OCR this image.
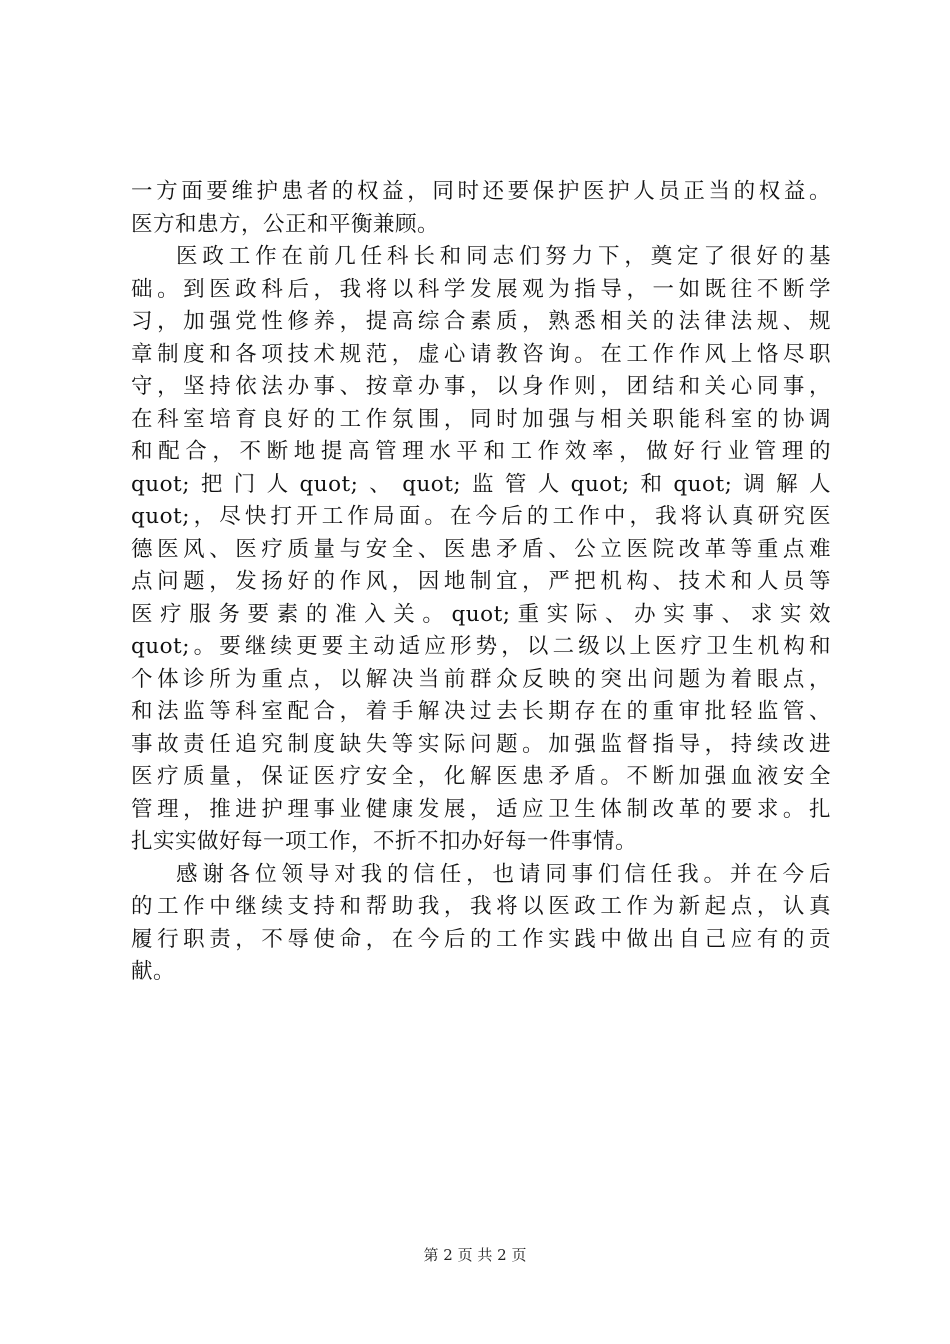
一方面要维护患者的权益，同时还要保护医护人员正当的权益。
医方和患方，公正和平衡兼顾。
医政工作在前几任科长和同志们努力下，奠定了很好的基
础。到医政科后，我将以科学发展观为指导，一如既往不断学
习，加强党性修养，提高综合素质，熟悉相关的法律法规、规
章制度和各项技术规范，虚心请教咨询。在工作作风上恪尽职
守，坚持依法办事、按章办事，以身作则，团结和关心同事，
在科室培育良好的工作氛围，同时加强与相关职能科室的协调
和配合，不断地提高管理水平和工作效率，做好行业管理的
quot;把门人quot;、quot;监管人quot;和quot;调解人
quot;，尽快打开工作局面。在今后的工作中，我将认真研究医
德医风、医疗质量与安全、医患矛盾、公立医院改革等重点难
点问题，发扬好的作风，因地制宜，严把机构、技术和人员等
医疗服务要素的准入关。quot;重实际、办实事、求实效
quot;。要继续更要主动适应形势，以二级以上医疗卫生机构和
个体诊所为重点，以解决当前群众反映的突出问题为着眼点，
和法监等科室配合，着手解决过去长期存在的重审批轻监管、
事故责任追究制度缺失等实际问题。加强监督指导，持续改进
医疗质量，保证医疗安全，化解医患矛盾。不断加强血液安全
管理，推进护理事业健康发展，适应卫生体制改革的要求。扎
扎实实做好每一项工作，不折不扣办好每一件事情。
感谢各位领导对我的信任，也请同事们信任我。并在今后
的工作中继续支持和帮助我，我将以医政工作为新起点，认真
履行职责，不辱使命，在今后的工作实践中做出自己应有的贡
献。
第 2 页 共 2 页
